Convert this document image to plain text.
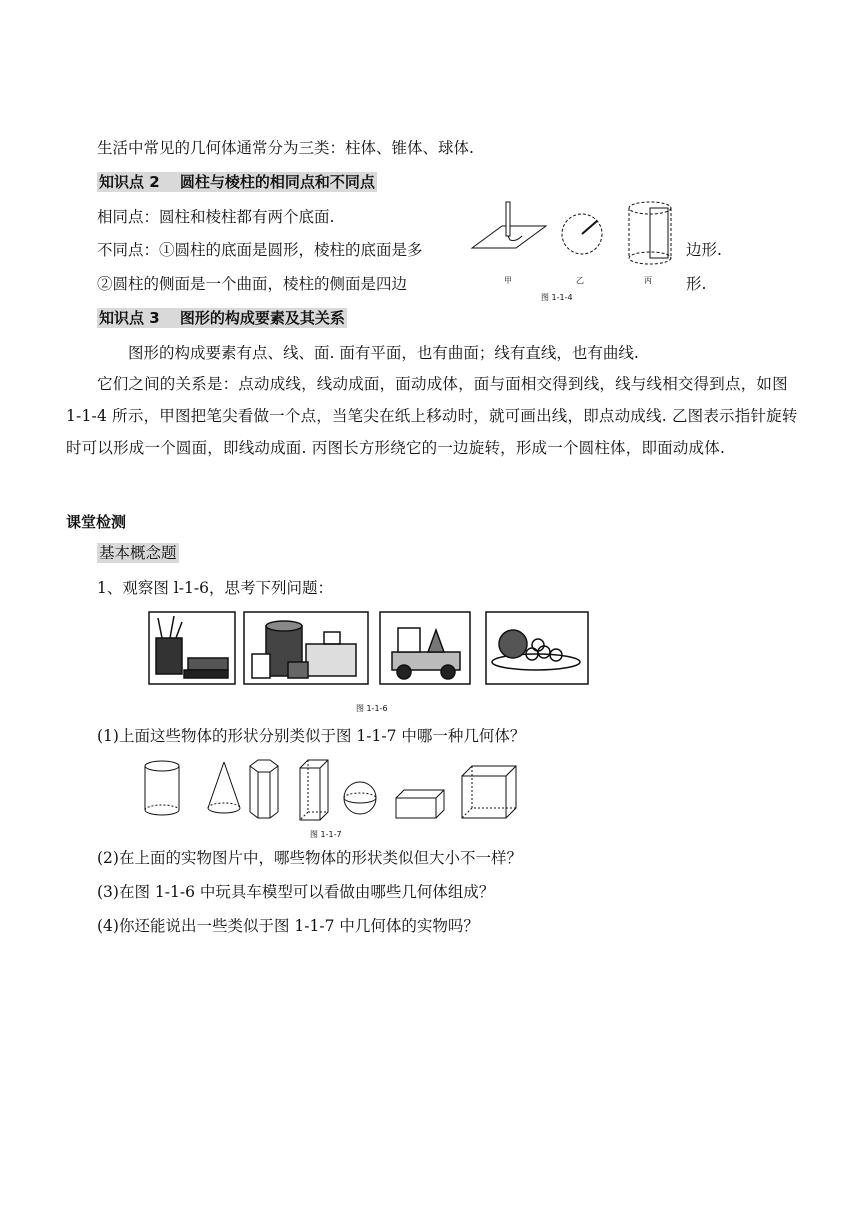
生活中常见的几何体通常分为三类：柱体、锥体、球体.
知识点 2　 圆柱与棱柱的相同点和不同点
相同点：圆柱和棱柱都有两个底面.
不同点：①圆柱的底面是圆形，棱柱的底面是多	边形.
②圆柱的侧面是一个曲面，棱柱的侧面是四边	形.
甲	乙	丙
图 1-1-4
知识点 3　 图形的构成要素及其关系
图形的构成要素有点、线、面. 面有平面，也有曲面；线有直线，也有曲线.
它们之间的关系是：点动成线，线动成面，面动成体，面与面相交得到线，线与线相交得到点，如图 1-1-4 所示，甲图把笔尖看做一个点，当笔尖在纸上移动时，就可画出线，即点动成线. 乙图表示指针旋转时可以形成一个圆面，即线动成面. 丙图长方形绕它的一边旋转，形成一个圆柱体，即面动成体.
课堂检测
基本概念题
1、观察图 l-1-6，思考下列问题：
图 1-1-6
(1)上面这些物体的形状分别类似于图 1-1-7 中哪一种几何体？
图 1-1-7
(2)在上面的实物图片中，哪些物体的形状类似但大小不一样？
(3)在图 1-1-6 中玩具车模型可以看做由哪些几何体组成？
(4)你还能说出一些类似于图 1-1-7 中几何体的实物吗？
